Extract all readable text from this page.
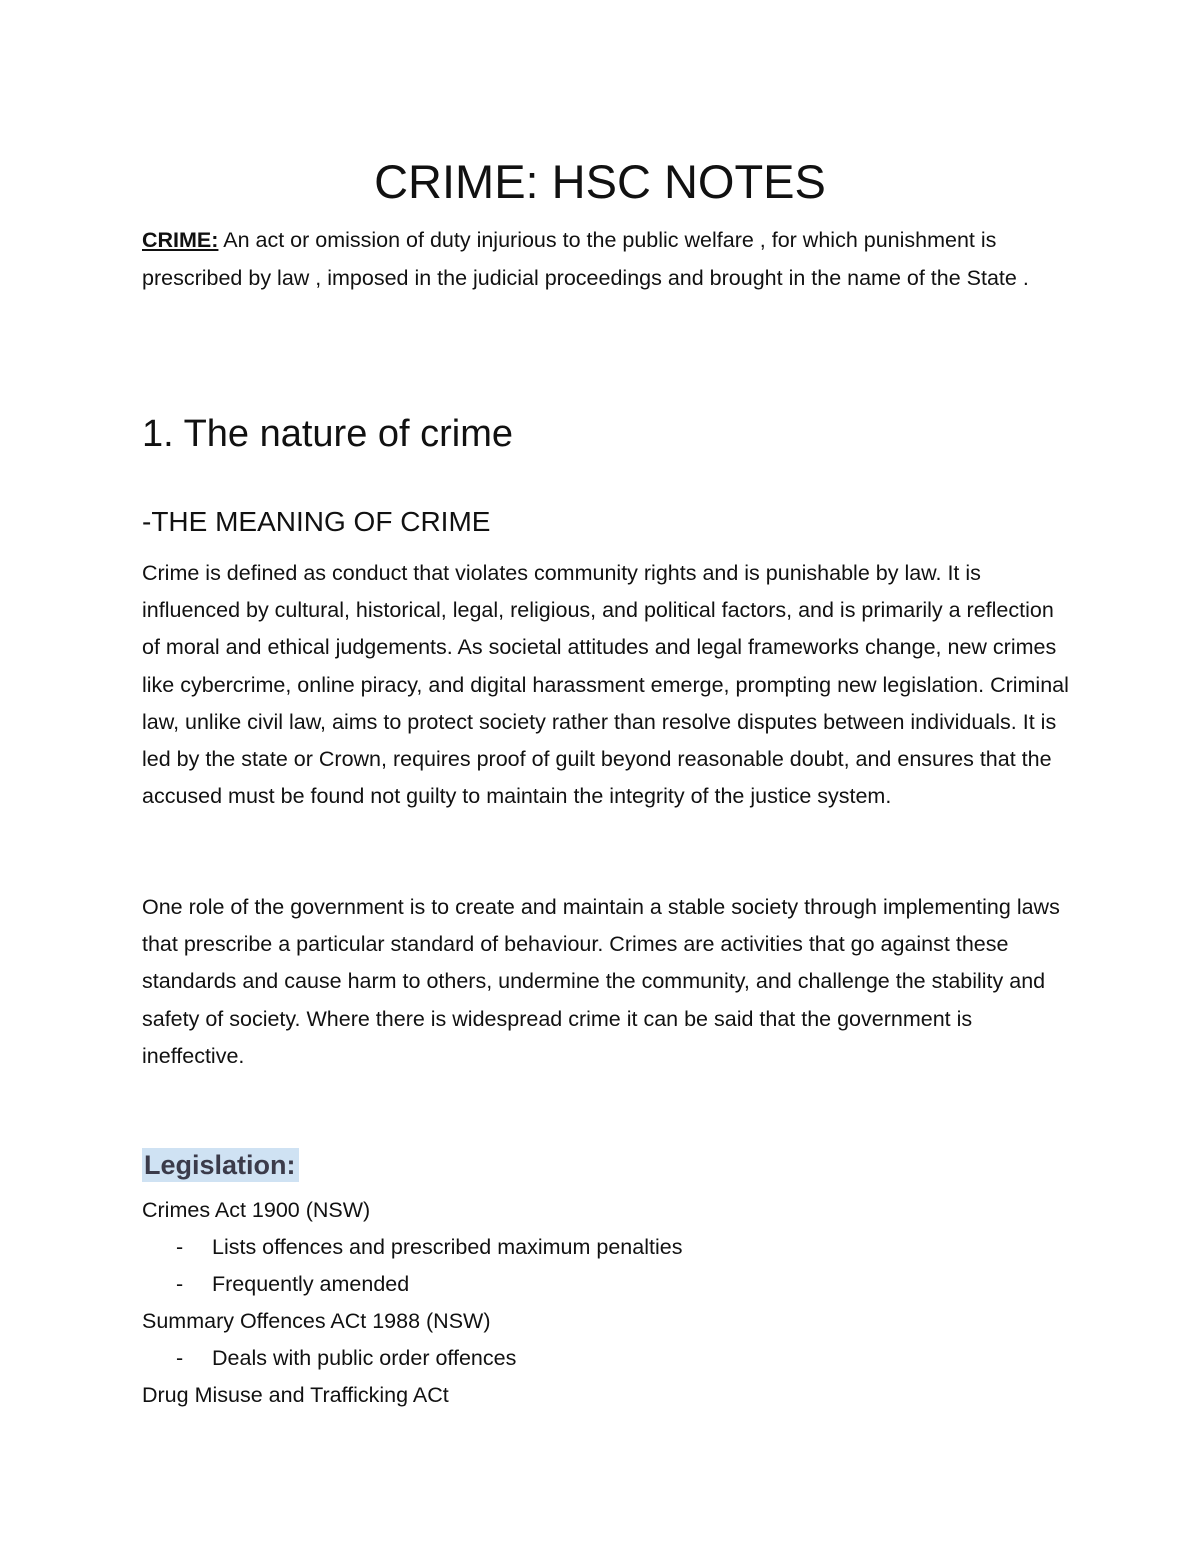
CRIME: HSC NOTES

CRIME: An act or omission of duty injurious to the public welfare , for which punishment is prescribed by law , imposed in the judicial proceedings and brought in the name of the State .

1. The nature of crime
-THE MEANING OF CRIME

Crime is defined as conduct that violates community rights and is punishable by law. It is influenced by cultural, historical, legal, religious, and political factors, and is primarily a reflection of moral and ethical judgements. As societal attitudes and legal frameworks change, new crimes like cybercrime, online piracy, and digital harassment emerge, prompting new legislation. Criminal law, unlike civil law, aims to protect society rather than resolve disputes between individuals. It is led by the state or Crown, requires proof of guilt beyond reasonable doubt, and ensures that the accused must be found not guilty to maintain the integrity of the justice system.

One role of the government is to create and maintain a stable society through implementing laws that prescribe a particular standard of behaviour. Crimes are activities that go against these standards and cause harm to others, undermine the community, and challenge the stability and safety of society. Where there is widespread crime it can be said that the government is ineffective.

Legislation:
Crimes Act 1900 (NSW)
- Lists offences and prescribed maximum penalties
- Frequently amended
Summary Offences ACt 1988 (NSW)
- Deals with public order offences
Drug Misuse and Trafficking ACt
